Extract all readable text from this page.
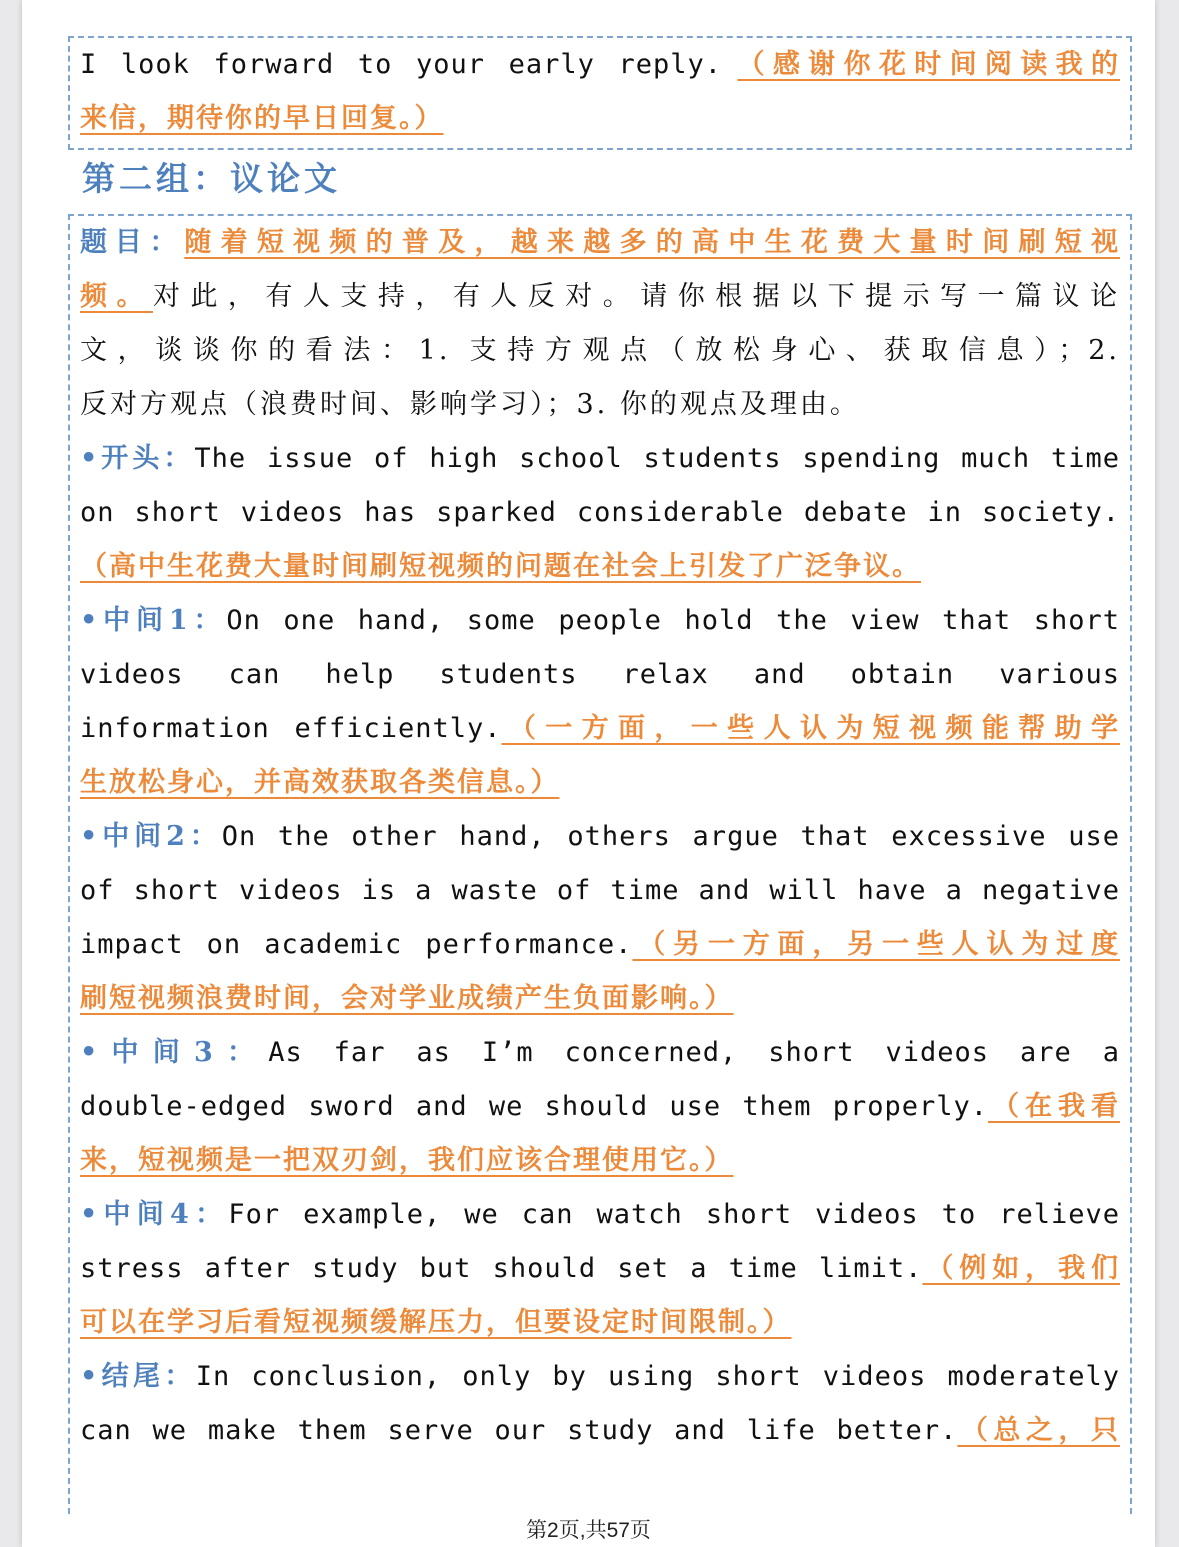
I look forward to your early reply. （感谢你花时间阅读我的
来信，期待你的早日回复。）
第二组：议论文
题目：随着短视频的普及，越来越多的高中生花费大量时间刷短视
频。对此，有人支持，有人反对。请你根据以下提示写一篇议论
文，谈谈你的看法：1. 支持方观点（放松身心、获取信息）；2.
反对方观点（浪费时间、影响学习）；3. 你的观点及理由。
•开头：The issue of high school students spending much time
on short videos has sparked considerable debate in society.
（高中生花费大量时间刷短视频的问题在社会上引发了广泛争议。
•中间1：On one hand, some people hold the view that short
videos can help students relax and obtain various
information efficiently.（一方面，一些人认为短视频能帮助学
生放松身心，并高效获取各类信息。）
•中间2：On the other hand, others argue that excessive use
of short videos is a waste of time and will have a negative
impact on academic performance.（另一方面，另一些人认为过度
刷短视频浪费时间，会对学业成绩产生负面影响。）
•中间3：As far as I’m concerned, short videos are a
double-edged sword and we should use them properly.（在我看
来，短视频是一把双刃剑，我们应该合理使用它。）
•中间4：For example, we can watch short videos to relieve
stress after study but should set a time limit.（例如，我们
可以在学习后看短视频缓解压力，但要设定时间限制。）
•结尾：In conclusion, only by using short videos moderately
can we make them serve our study and life better.（总之，只
第2页,共57页
